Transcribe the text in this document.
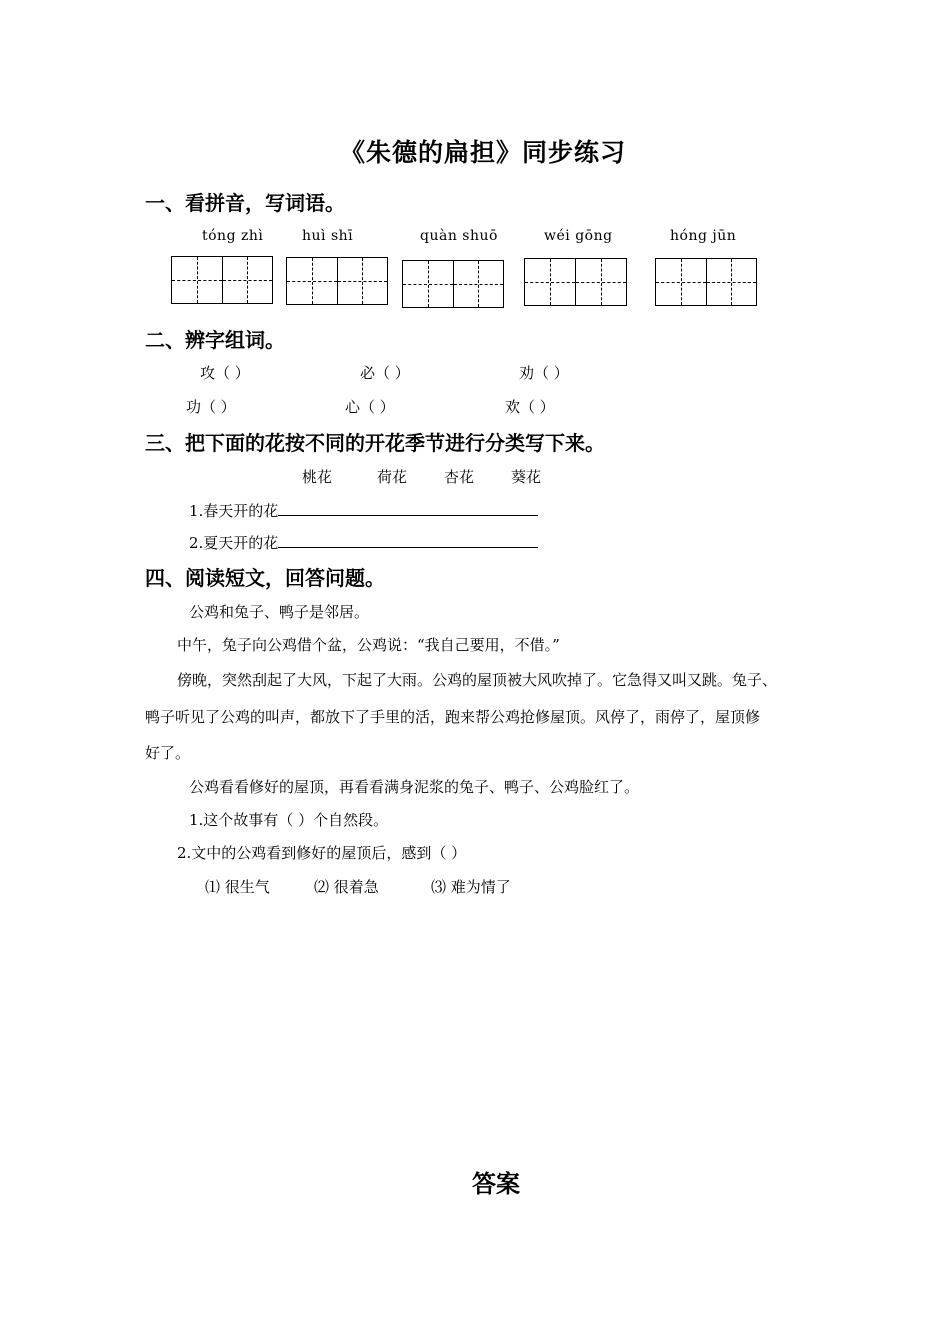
《朱德的扁担》同步练习
一、看拼音，写词语。
tóng zhì	huì shī	quàn shuō	wéi gōng	hóng jūn
二、辨字组词。
攻（ ）	必（ ）	劝（ ）
功（ ）	心（ ）	欢（ ）
三、把下面的花按不同的开花季节进行分类写下来。
桃花	荷花 杏花 葵花
1.春天开的花
2.夏天开的花
四、阅读短文，回答问题。
公鸡和兔子、鸭子是邻居。
中午，兔子向公鸡借个盆，公鸡说：“我自己要用，不借。”
傍晚，突然刮起了大风，下起了大雨。公鸡的屋顶被大风吹掉了。它急得又叫又跳。兔子、
鸭子听见了公鸡的叫声，都放下了手里的活，跑来帮公鸡抢修屋顶。风停了，雨停了，屋顶修
好了。
公鸡看看修好的屋顶，再看看满身泥浆的兔子、鸭子、公鸡脸红了。
1.这个故事有（ ）个自然段。
2.文中的公鸡看到修好的屋顶后，感到（ ）
⑴ 很生气	⑵ 很着急	⑶ 难为情了
答案
